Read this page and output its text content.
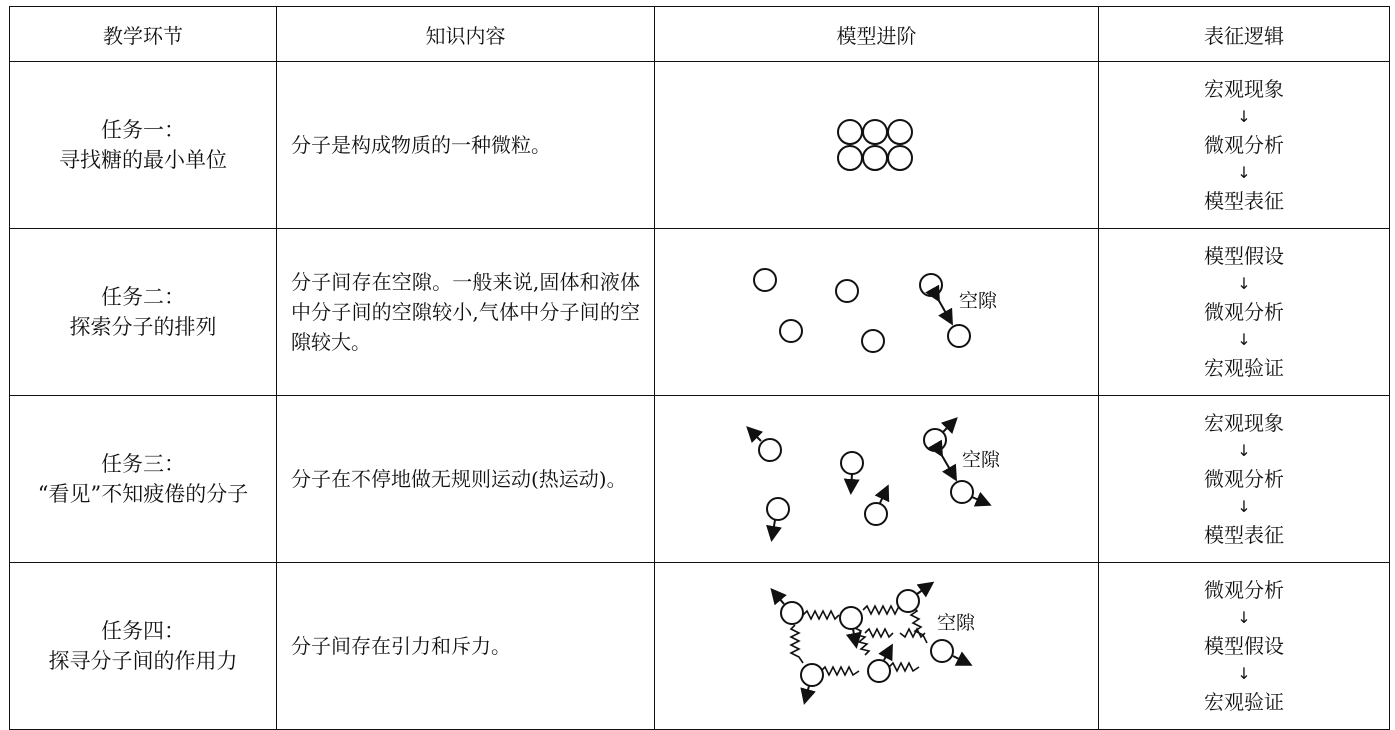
教学环节	知识内容	模型进阶	表征逻辑

任务一：
寻找糖的最小单位	分子是构成物质的一种微粒。		宏观现象
↓
微观分析
↓
模型表征

任务二：
探索分子的排列	分子间存在空隙。一般来说,固体和液体中分子间的空隙较小,气体中分子间的空隙较大。	空隙	模型假设
↓
微观分析
↓
宏观验证

任务三：
“看见”不知疲倦的分子	分子在不停地做无规则运动(热运动)。	空隙	宏观现象
↓
微观分析
↓
模型表征

任务四：
探寻分子间的作用力	分子间存在引力和斥力。	空隙	微观分析
↓
模型假设
↓
宏观验证
